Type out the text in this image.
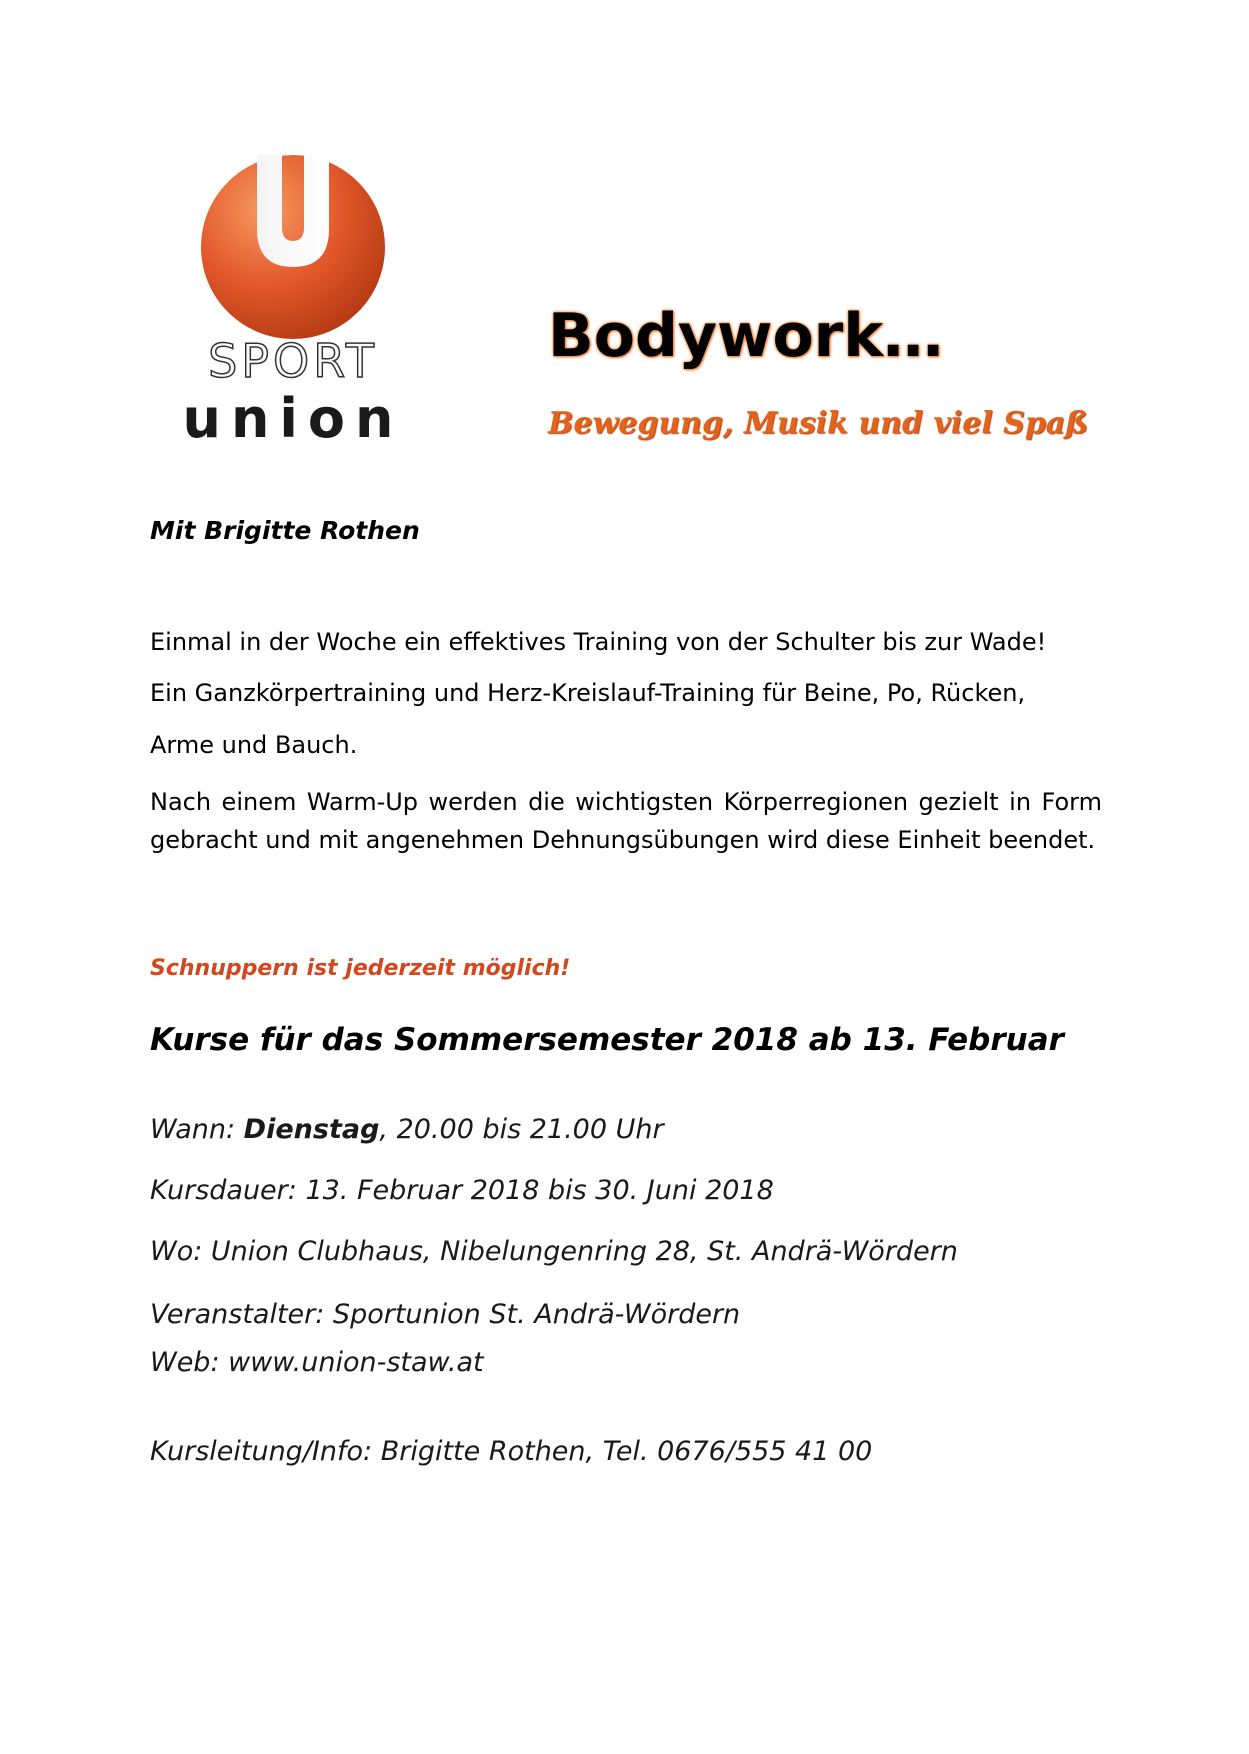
SPORT
union
Bodywork…
Bewegung, Musik und viel Spaß

Mit Brigitte Rothen

Einmal in der Woche ein effektives Training von der Schulter bis zur Wade!

Ein Ganzkörpertraining und Herz-Kreislauf-Training für Beine, Po, Rücken,

Arme und Bauch.

Nach einem Warm-Up werden die wichtigsten Körperregionen gezielt in Form gebracht und mit angenehmen Dehnungsübungen wird diese Einheit beendet.

Schnuppern ist jederzeit möglich!

Kurse für das Sommersemester 2018 ab 13. Februar

Wann: Dienstag, 20.00 bis 21.00 Uhr

Kursdauer: 13. Februar 2018 bis 30. Juni 2018

Wo: Union Clubhaus, Nibelungenring 28, St. Andrä-Wördern

Veranstalter: Sportunion St. Andrä-Wördern

Web: www.union-staw.at

Kursleitung/Info: Brigitte Rothen, Tel. 0676/555 41 00
